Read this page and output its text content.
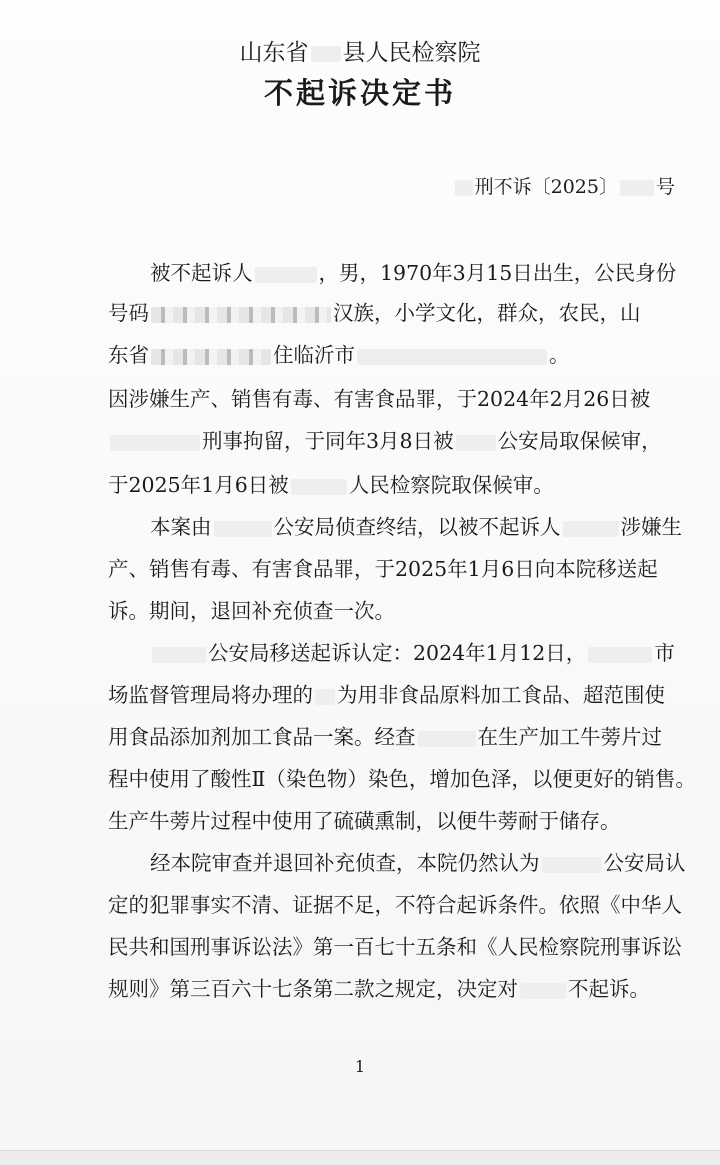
山东省 县人民检察院
不起诉决定书
刑不诉〔2025〕 号
被不起诉人	，男，1970年3月15日出生，公民身份
号码	汉族，小学文化，群众，农民，山
东省	住临沂市	。
因涉嫌生产、销售有毒、有害食品罪，于2024年2月26日被
刑事拘留，于同年3月8日被 公安局取保候审，
于2025年1月6日被	人民检察院取保候审。
本案由	公安局侦查终结，以被不起诉人	涉嫌生
产、销售有毒、有害食品罪，于2025年1月6日向本院移送起
诉。期间，退回补充侦查一次。
公安局移送起诉认定：2024年1月12日，	市
场监督管理局将办理的 为用非食品原料加工食品、超范围使
用食品添加剂加工食品一案。经查	在生产加工牛蒡片过
程中使用了酸性Ⅱ（染色物）染色，增加色泽，以便更好的销售。
生产牛蒡片过程中使用了硫磺熏制，以便牛蒡耐于储存。
经本院审查并退回补充侦查，本院仍然认为	公安局认
定的犯罪事实不清、证据不足，不符合起诉条件。依照《中华人
民共和国刑事诉讼法》第一百七十五条和《人民检察院刑事诉讼
规则》第三百六十七条第二款之规定，决定对 不起诉。
1
